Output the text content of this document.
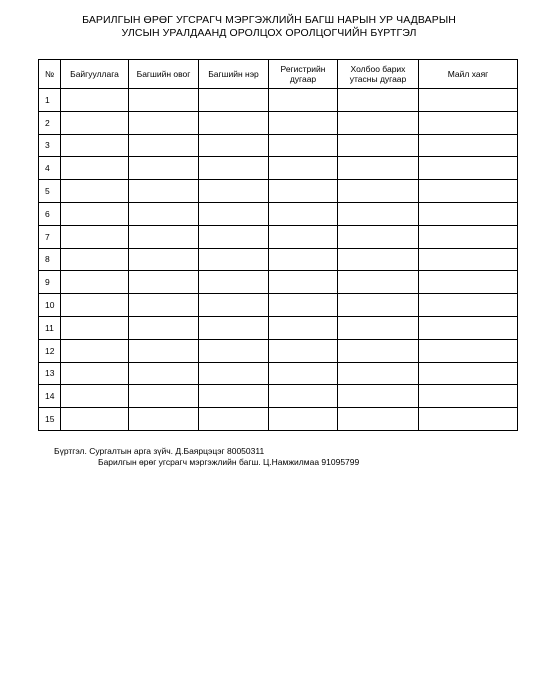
БАРИЛГЫН ӨРӨГ УГСРАГЧ МЭРГЭЖЛИЙН БАГШ НАРЫН УР ЧАДВАРЫН
УЛСЫН УРАЛДААНД ОРОЛЦОХ ОРОЛЦОГЧИЙН БҮРТГЭЛ
№	Байгууллага	Багшийн овог	Багшийн нэр	Регистрийн дугаар	Холбоо барих утасны дугаар	Майл хаяг
1						
2						
3						
4						
5						
6						
7						
8						
9						
10						
11						
12						
13						
14						
15						
Бүртгэл. Сургалтын арга зүйч. Д.Баярцэцэг 80050311
Барилгын өрөг угсрагч мэргэжлийн багш. Ц.Намжилмаа 91095799
